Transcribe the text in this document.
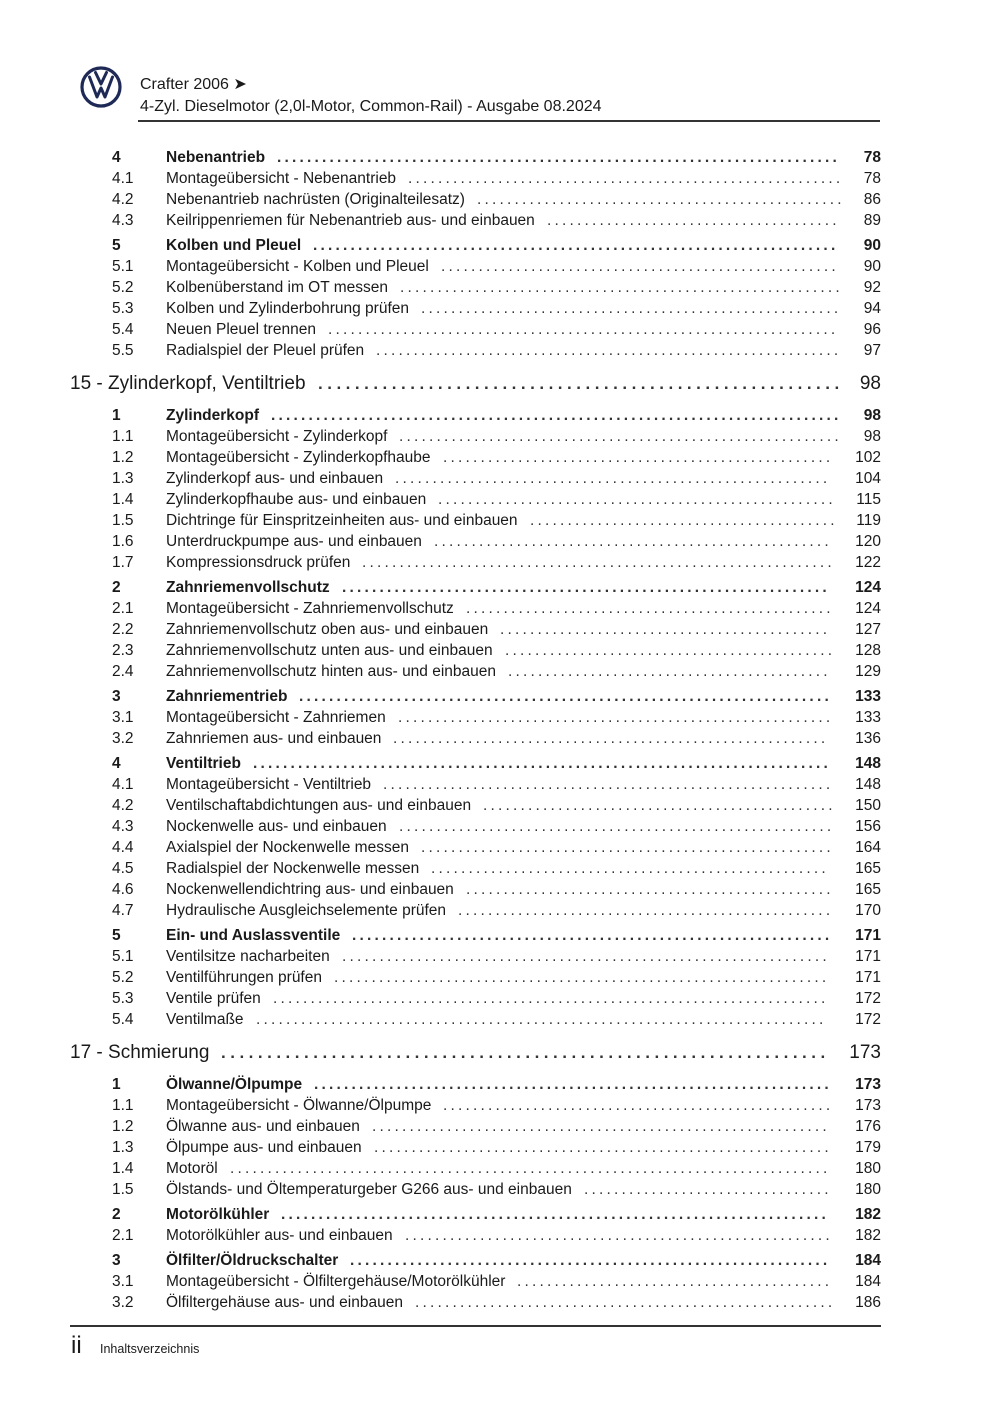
Crafter 2006 ➤
4-Zyl. Dieselmotor (2,0l-Motor, Common-Rail) - Ausgabe 08.2024
4	Nebenantrieb ...........................................................................	78
4.1 Montageübersicht - Nebenantrieb ..........................................................	78
4.2 Nebenantrieb nachrüsten (Originalteilesatz) .................................................	86
4.3 Keilrippenriemen für Nebenantrieb aus- und einbauen .......................................	89
5	Kolben und Pleuel ......................................................................	90
5.1 Montageübersicht - Kolben und Pleuel .....................................................	90
5.2 Kolbenüberstand im OT messen ...........................................................	92
5.3 Kolben und Zylinderbohrung prüfen ........................................................	94
5.4 Neuen Pleuel trennen ....................................................................	96
5.5 Radialspiel der Pleuel prüfen ..............................................................	97
15 - Zylinderkopf, Ventiltrieb ......................................................... 98
1	Zylinderkopf ............................................................................	98
1.1 Montageübersicht - Zylinderkopf ...........................................................	98
1.2 Montageübersicht - Zylinderkopfhaube ....................................................	102
1.3 Zylinderkopf aus- und einbauen ..........................................................	104
1.4 Zylinderkopfhaube aus- und einbauen .....................................................	115
1.5 Dichtringe für Einspritzeinheiten aus- und einbauen ......................................... 119
1.6 Unterdruckpumpe aus- und einbauen .....................................................	120
1.7 Kompressionsdruck prüfen ...............................................................	122
2	Zahnriemenvollschutz .................................................................	124
2.1 Montageübersicht - Zahnriemenvollschutz .................................................	124
2.2 Zahnriemenvollschutz oben aus- und einbauen ............................................	127
2.3 Zahnriemenvollschutz unten aus- und einbauen ............................................	128
2.4 Zahnriemenvollschutz hinten aus- und einbauen ...........................................	129
3	Zahnriementrieb .......................................................................	133
3.1 Montageübersicht - Zahnriemen ..........................................................	133
3.2 Zahnriemen aus- und einbauen ..........................................................	136
4	Ventiltrieb .............................................................................	148
4.1 Montageübersicht - Ventiltrieb ............................................................	148
4.2 Ventilschaftabdichtungen aus- und einbauen ...............................................	150
4.3 Nockenwelle aus- und einbauen ..........................................................	156
4.4 Axialspiel der Nockenwelle messen .......................................................	164
4.5 Radialspiel der Nockenwelle messen .....................................................	165
4.6 Nockenwellendichtring aus- und einbauen .................................................	165
4.7 Hydraulische Ausgleichselemente prüfen ..................................................	170
5	Ein- und Auslassventile ................................................................	171
5.1 Ventilsitze nacharbeiten .................................................................	171
5.2 Ventilführungen prüfen ..................................................................	171
5.3 Ventile prüfen ..........................................................................	172
5.4 Ventilmaße ............................................................................	172
17 - Schmierung .................................................................. 173
1	Ölwanne/Ölpumpe .....................................................................	173
1.1 Montageübersicht - Ölwanne/Ölpumpe ....................................................	173
1.2 Ölwanne aus- und einbauen .............................................................	176
1.3 Ölpumpe aus- und einbauen .............................................................	179
1.4 Motoröl ................................................................................	180
1.5 Ölstands- und Öltemperaturgeber G266 aus- und einbauen .................................	180
2	Motorölkühler .........................................................................	182
2.1 Motorölkühler aus- und einbauen .........................................................	182
3	Ölfilter/Öldruckschalter ................................................................	184
3.1 Montageübersicht - Ölfiltergehäuse/Motorölkühler ..........................................	184
3.2 Ölfiltergehäuse aus- und einbauen ........................................................	186
ii Inhaltsverzeichnis
